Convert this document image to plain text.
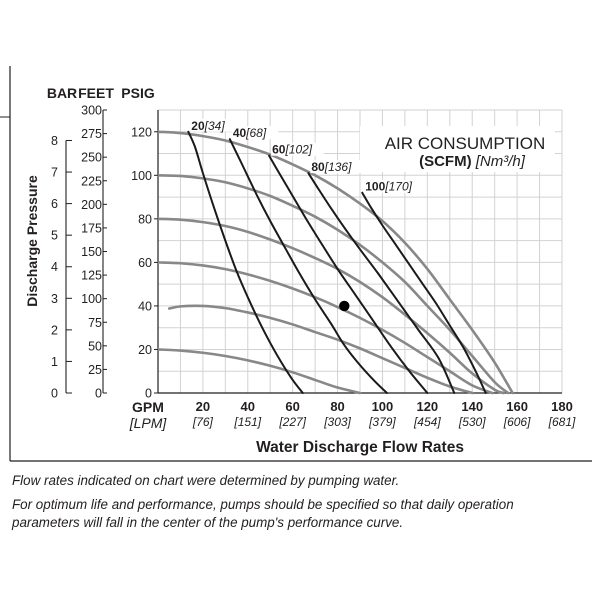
20[34]
40[68]
60[102]
80[136]
100[170]
AIR CONSUMPTION
(SCFM) [Nm³/h]
BAR FEET PSIG
0
1
2
3
4
5
6
7
8
0
25
50
75
100
125
150
175
200
225
250
275
300
0
20
40
60
80
100
120
Discharge Pressure
GPM
[LPM]
20
[76]
40
[151]
60
[227]
80
[303]
100
[379]
120
[454]
140
[530]
160
[606]
180
[681]
Water Discharge Flow Rates

Flow rates indicated on chart were determined by pumping water.

For optimum life and performance, pumps should be specified so that daily operation parameters will fall in the center of the pump's performance curve.
